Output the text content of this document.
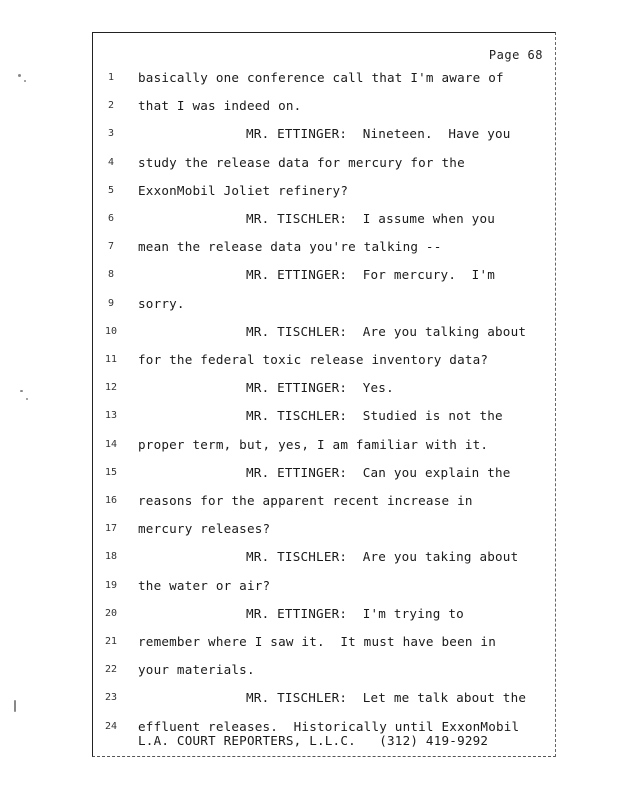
Page 68
1	basically one conference call that I'm aware of
2	that I was indeed on.
3	MR. ETTINGER:  Nineteen.  Have you
4	study the release data for mercury for the
5	ExxonMobil Joliet refinery?
6	MR. TISCHLER:  I assume when you
7	mean the release data you're talking --
8	MR. ETTINGER:  For mercury.  I'm
9	sorry.
10	MR. TISCHLER:  Are you talking about
11	for the federal toxic release inventory data?
12	MR. ETTINGER:  Yes.
13	MR. TISCHLER:  Studied is not the
14	proper term, but, yes, I am familiar with it.
15	MR. ETTINGER:  Can you explain the
16	reasons for the apparent recent increase in
17	mercury releases?
18	MR. TISCHLER:  Are you taking about
19	the water or air?
20	MR. ETTINGER:  I'm trying to
21	remember where I saw it.  It must have been in
22	your materials.
23	MR. TISCHLER:  Let me talk about the
24	effluent releases.  Historically until ExxonMobil
L.A. COURT REPORTERS, L.L.C.   (312) 419-9292
